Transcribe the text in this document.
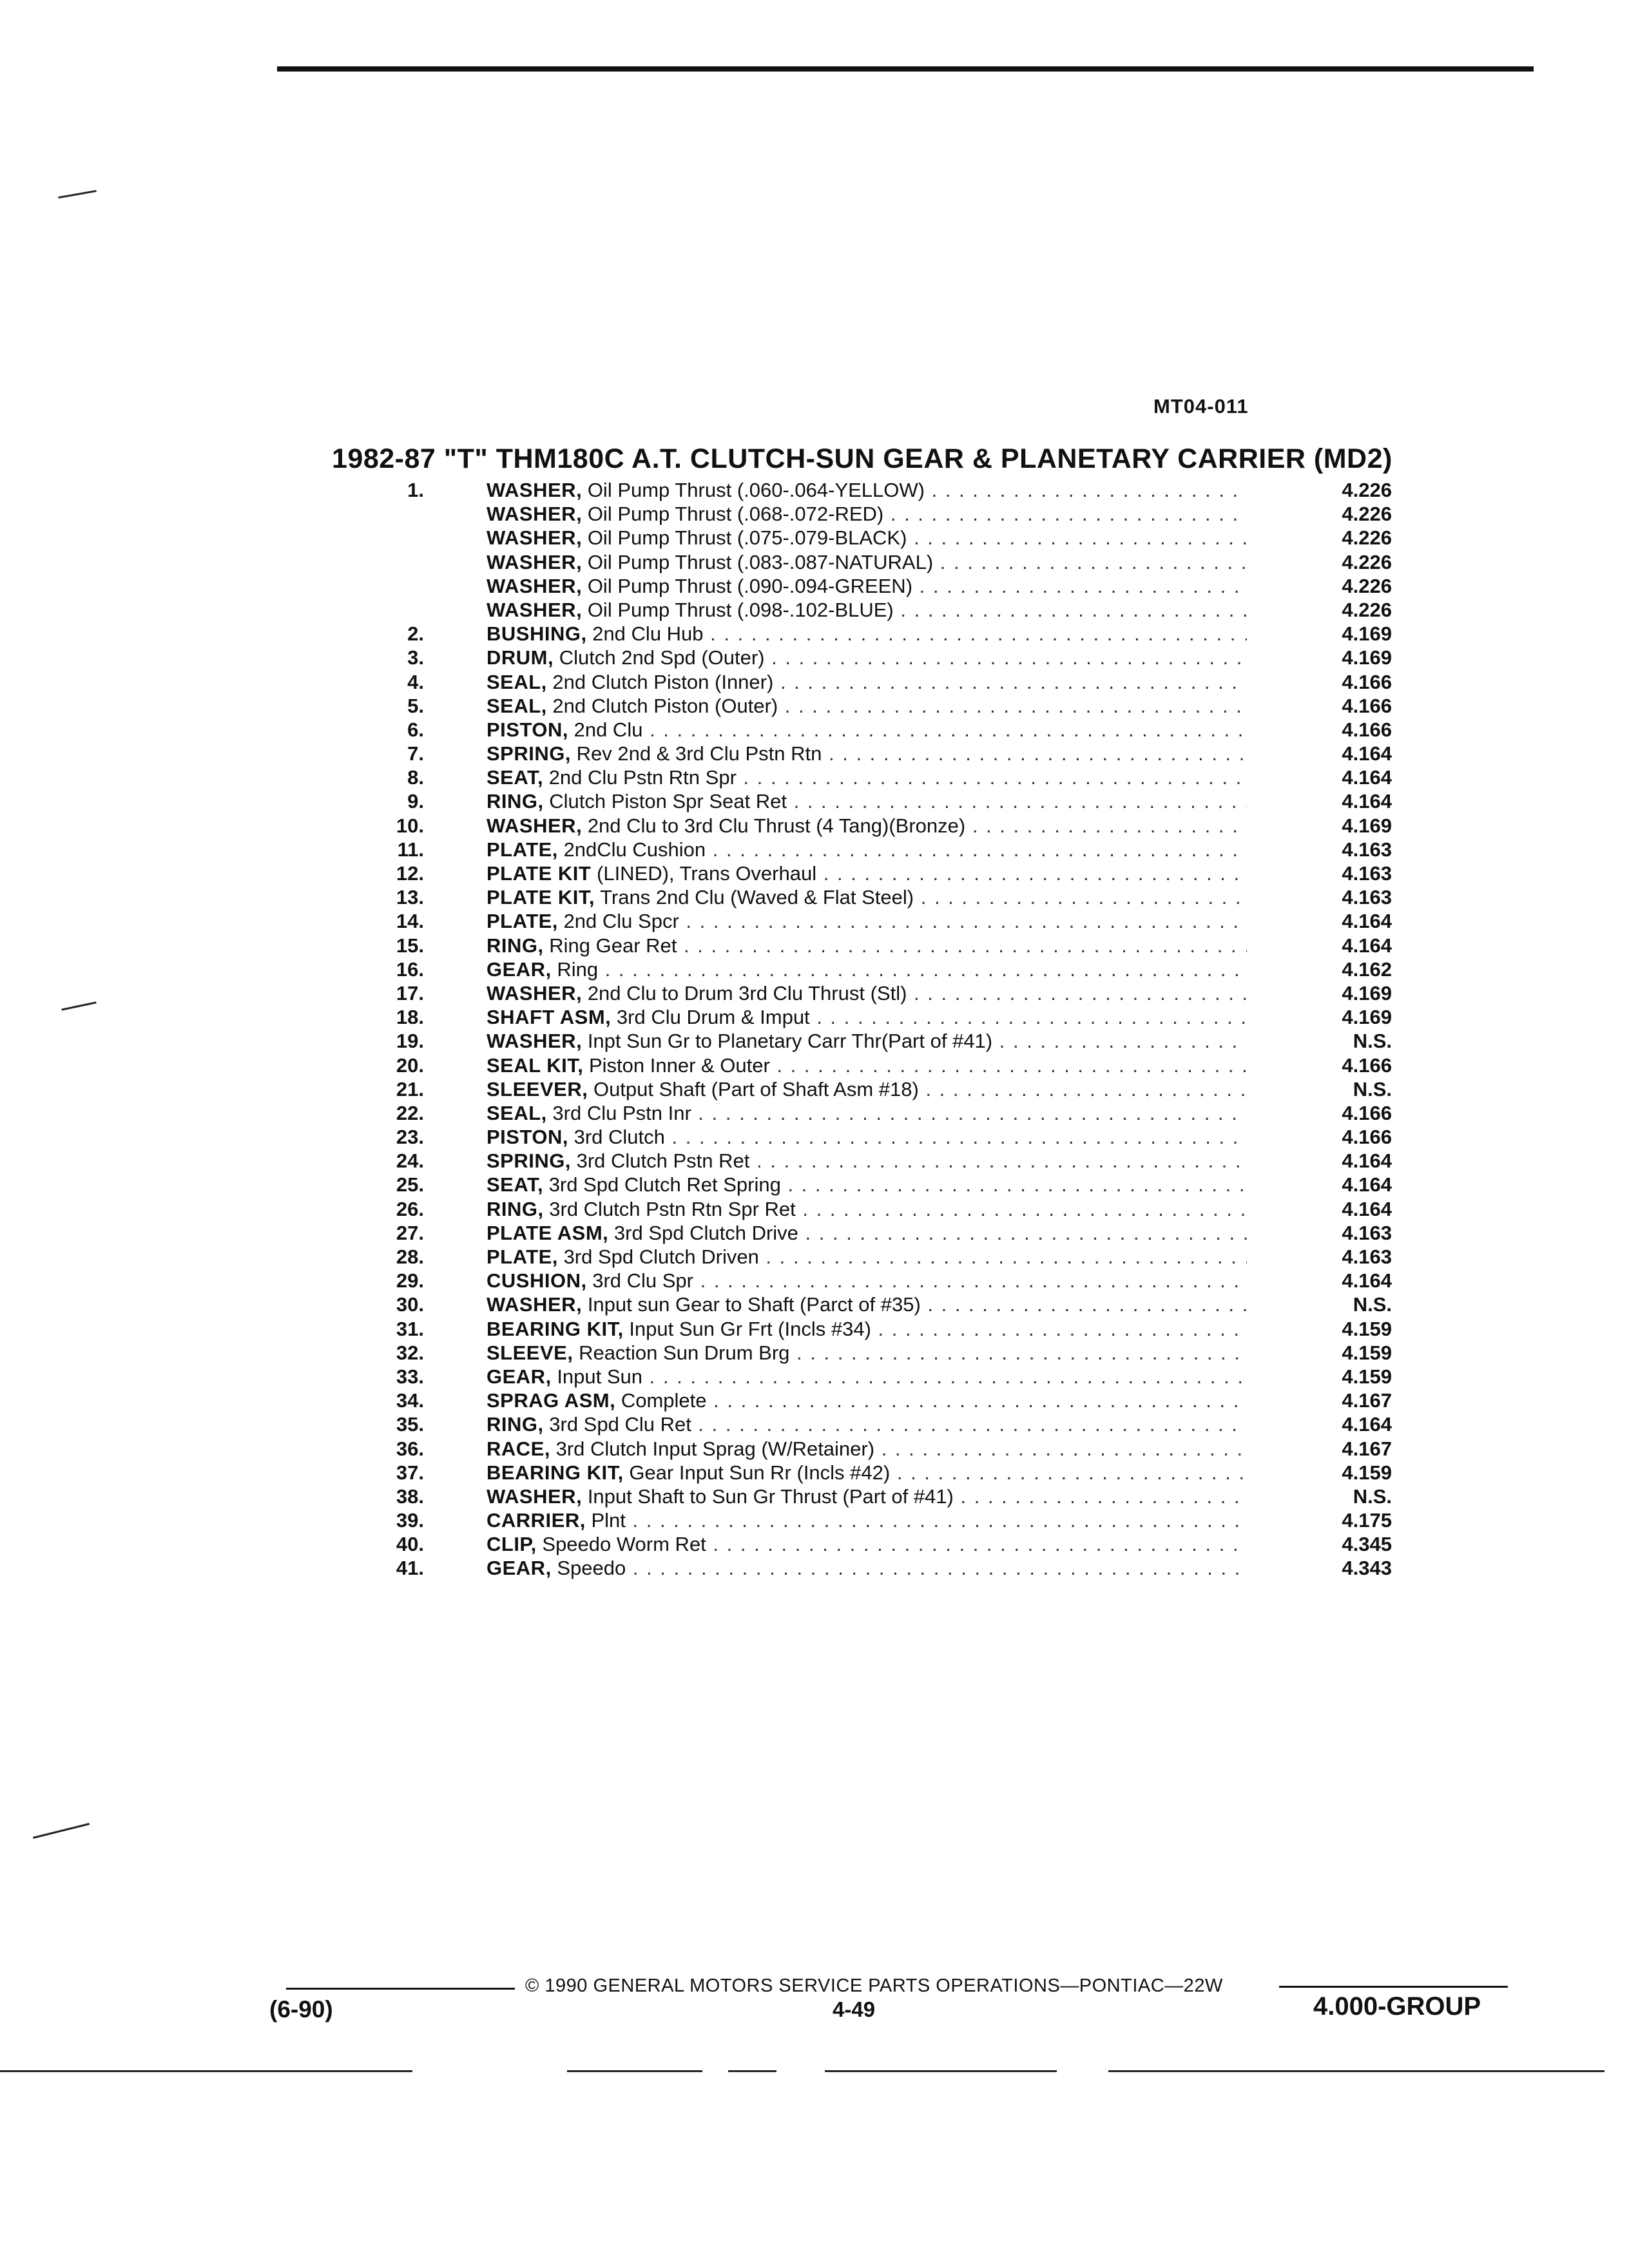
MT04-011
1982-87 "T" THM180C A.T. CLUTCH-SUN GEAR & PLANETARY CARRIER (MD2)
1.	WASHER, Oil Pump Thrust (.060-.064-YELLOW) . . .	4.226
WASHER, Oil Pump Thrust (.068-.072-RED) . . .	4.226
WASHER, Oil Pump Thrust (.075-.079-BLACK) . . .	4.226
WASHER, Oil Pump Thrust (.083-.087-NATURAL) . . .	4.226
WASHER, Oil Pump Thrust (.090-.094-GREEN) . . .	4.226
WASHER, Oil Pump Thrust (.098-.102-BLUE) . . .	4.226
2.	BUSHING, 2nd Clu Hub . . .	4.169
3.	DRUM, Clutch 2nd Spd (Outer) . . .	4.169
4.	SEAL, 2nd Clutch Piston (Inner) . . .	4.166
5.	SEAL, 2nd Clutch Piston (Outer) . . .	4.166
6.	PISTON, 2nd Clu . . .	4.166
7.	SPRING, Rev 2nd & 3rd Clu Pstn Rtn . . .	4.164
8.	SEAT, 2nd Clu Pstn Rtn Spr . . .	4.164
9.	RING, Clutch Piston Spr Seat Ret . . .	4.164
10.	WASHER, 2nd Clu to 3rd Clu Thrust (4 Tang)(Bronze) . . .	4.169
11.	PLATE, 2ndClu Cushion . . .	4.163
12.	PLATE KIT (LINED), Trans Overhaul . . .	4.163
13.	PLATE KIT, Trans 2nd Clu (Waved & Flat Steel) . . .	4.163
14.	PLATE, 2nd Clu Spcr . . .	4.164
15.	RING, Ring Gear Ret . . .	4.164
16.	GEAR, Ring . . .	4.162
17.	WASHER, 2nd Clu to Drum 3rd Clu Thrust (Stl) . . .	4.169
18.	SHAFT ASM, 3rd Clu Drum & Imput . . .	4.169
19.	WASHER, Inpt Sun Gr to Planetary Carr Thr(Part of #41) . . .	N.S.
20.	SEAL KIT, Piston Inner & Outer . . .	4.166
21.	SLEEVER, Output Shaft (Part of Shaft Asm #18) . . .	N.S.
22.	SEAL, 3rd Clu Pstn Inr . . .	4.166
23.	PISTON, 3rd Clutch . . .	4.166
24.	SPRING, 3rd Clutch Pstn Ret . . .	4.164
25.	SEAT, 3rd Spd Clutch Ret Spring . . .	4.164
26.	RING, 3rd Clutch Pstn Rtn Spr Ret . . .	4.164
27.	PLATE ASM, 3rd Spd Clutch Drive . . .	4.163
28.	PLATE, 3rd Spd Clutch Driven . . .	4.163
29.	CUSHION, 3rd Clu Spr . . .	4.164
30.	WASHER, Input sun Gear to Shaft (Parct of #35) . . .	N.S.
31.	BEARING KIT, Input Sun Gr Frt (Incls #34) . . .	4.159
32.	SLEEVE, Reaction Sun Drum Brg . . .	4.159
33.	GEAR, Input Sun . . .	4.159
34.	SPRAG ASM, Complete . . .	4.167
35.	RING, 3rd Spd Clu Ret . . .	4.164
36.	RACE, 3rd Clutch Input Sprag (W/Retainer) . . .	4.167
37.	BEARING KIT, Gear Input Sun Rr (Incls #42) . . .	4.159
38.	WASHER, Input Shaft to Sun Gr Thrust (Part of #41) . . .	N.S.
39.	CARRIER, Plnt . . .	4.175
40.	CLIP, Speedo Worm Ret . . .	4.345
41.	GEAR, Speedo . . .	4.343
© 1990 GENERAL MOTORS SERVICE PARTS OPERATIONS—PONTIAC—22W
4-49
(6-90)	4.000-GROUP
